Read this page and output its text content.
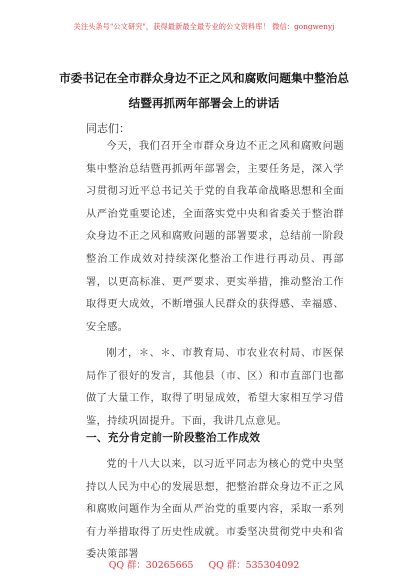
关注头条号"公文研究"，获得最新最全最专业的公文资料库！ 微信：gongwenyj
市委书记在全市群众身边不正之风和腐败问题集中整治总
结暨再抓两年部署会上的讲话
同志们：
今天，我们召开全市群众身边不正之风和腐败问题集中整治总结暨再抓两年部署会，主要任务是，深入学习贯彻习近平总书记关于党的自我革命战略思想和全面从严治党重要论述，全面落实党中央和省委关于整治群众身边不正之风和腐败问题的部署要求，总结前一阶段整治工作成效对持续深化整治工作进行再动员、再部署，以更高标准、更严要求、更实举措，推动整治工作取得更大成效，不断增强人民群众的获得感、幸福感、安全感。
刚才，＊、＊、市教育局、市农业农村局、市医保局作了很好的发言，其他县（市、区）和市直部门也都做了大量工作，取得了明显成效，希望大家相互学习借鉴，持续巩固提升。下面，我讲几点意见。
一、充分肯定前一阶段整治工作成效
党的十八大以来，以习近平同志为核心的党中央坚持以人民为中心的发展思想，把整治群众身边不正之风和腐败问题作为全面从严治党的重要内容，采取一系列有力举措取得了历史性成就。市委坚决贯彻党中央和省委决策部署
QQ 群：30265665 QQ 群：535304092
